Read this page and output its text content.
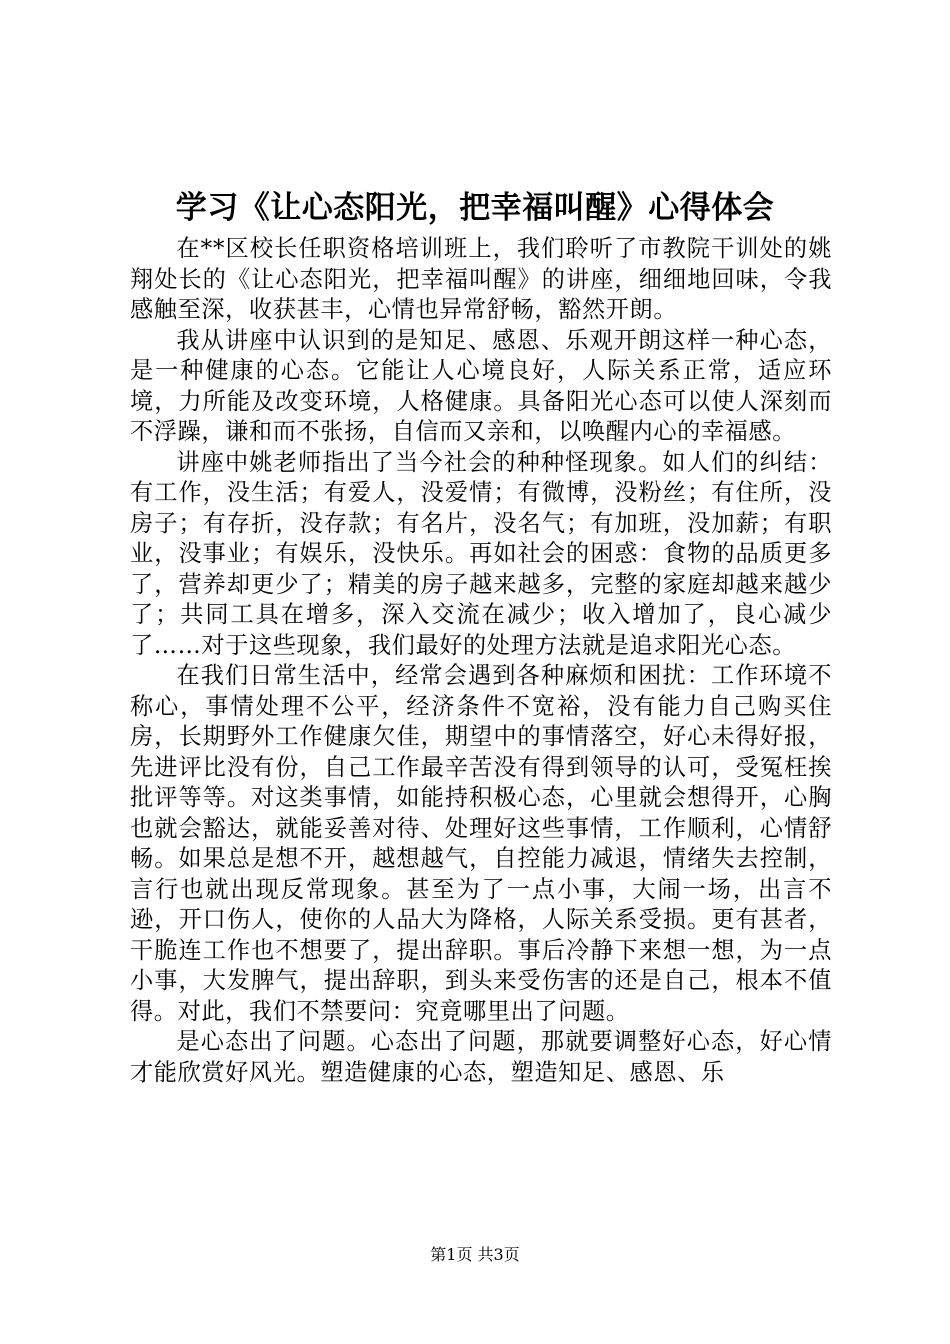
学习《让心态阳光，把幸福叫醒》心得体会

在**区校长任职资格培训班上，我们聆听了市教院干训处的姚翔处长的《让心态阳光，把幸福叫醒》的讲座，细细地回味，令我感触至深，收获甚丰，心情也异常舒畅，豁然开朗。

我从讲座中认识到的是知足、感恩、乐观开朗这样一种心态，是一种健康的心态。它能让人心境良好，人际关系正常，适应环境，力所能及改变环境，人格健康。具备阳光心态可以使人深刻而不浮躁，谦和而不张扬，自信而又亲和，以唤醒内心的幸福感。

讲座中姚老师指出了当今社会的种种怪现象。如人们的纠结：有工作，没生活；有爱人，没爱情；有微博，没粉丝；有住所，没房子；有存折，没存款；有名片，没名气；有加班，没加薪；有职业，没事业；有娱乐，没快乐。再如社会的困惑：食物的品质更多了，营养却更少了；精美的房子越来越多，完整的家庭却越来越少了；共同工具在增多，深入交流在减少；收入增加了，良心减少了……对于这些现象，我们最好的处理方法就是追求阳光心态。

在我们日常生活中，经常会遇到各种麻烦和困扰：工作环境不称心，事情处理不公平，经济条件不宽裕，没有能力自己购买住房，长期野外工作健康欠佳，期望中的事情落空，好心未得好报，先进评比没有份，自己工作最辛苦没有得到领导的认可，受冤枉挨批评等等。对这类事情，如能持积极心态，心里就会想得开，心胸也就会豁达，就能妥善对待、处理好这些事情，工作顺利，心情舒畅。如果总是想不开，越想越气，自控能力减退，情绪失去控制，言行也就出现反常现象。甚至为了一点小事，大闹一场，出言不逊，开口伤人，使你的人品大为降格，人际关系受损。更有甚者，干脆连工作也不想要了，提出辞职。事后冷静下来想一想，为一点小事，大发脾气，提出辞职，到头来受伤害的还是自己，根本不值得。对此，我们不禁要问：究竟哪里出了问题。

是心态出了问题。心态出了问题，那就要调整好心态，好心情才能欣赏好风光。塑造健康的心态，塑造知足、感恩、乐

第1页 共3页
